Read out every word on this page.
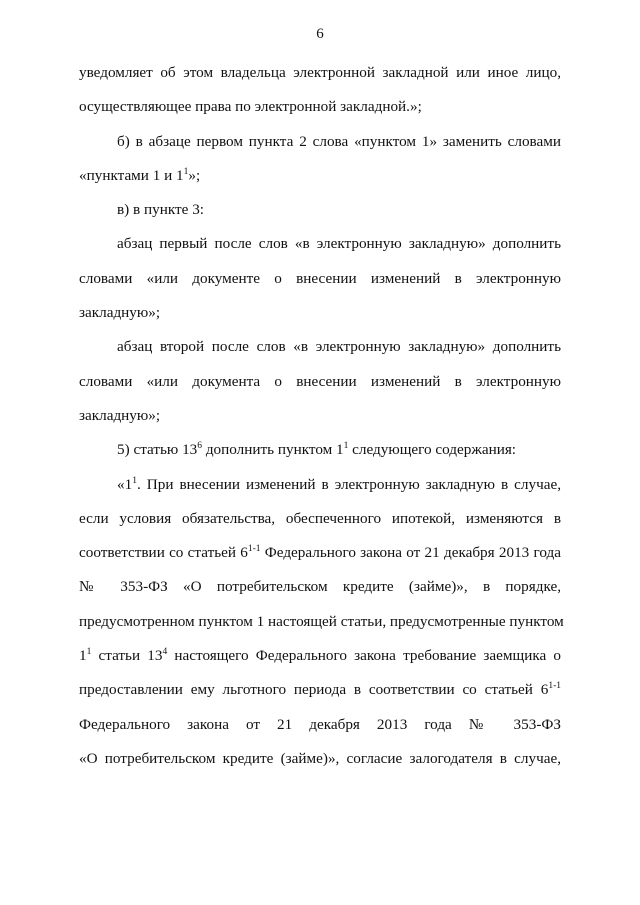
6
уведомляет об этом владельца электронной закладной или иное лицо,
осуществляющее права по электронной закладной.»;
б) в абзаце первом пункта 2 слова «пунктом 1» заменить словами
«пунктами 1 и $1^1$»;
в) в пункте 3:
абзац первый после слов «в электронную закладную» дополнить
словами «или документе о внесении изменений в электронную
закладную»;
абзац второй после слов «в электронную закладную» дополнить
словами «или документа о внесении изменений в электронную
закладную»;
5) статью $13^6$ дополнить пунктом $1^1$ следующего содержания:
«$1^1$. При внесении изменений в электронную закладную в случае,
если условия обязательства, обеспеченного ипотекой, изменяются в
соответствии со статьей 6$^{1-1}$ Федерального закона от 21 декабря 2013 года
№ 353-ФЗ «О потребительском кредите (займе)», в порядке,
предусмотренном пунктом 1 настоящей статьи, предусмотренные пунктом
$1^1$ статьи $13^4$ настоящего Федерального закона требование заемщика о
предоставлении ему льготного периода в соответствии со статьей 6$^{1-1}$
Федерального закона от 21 декабря 2013 года № 353-ФЗ
«О потребительском кредите (займе)», согласие залогодателя в случае,
